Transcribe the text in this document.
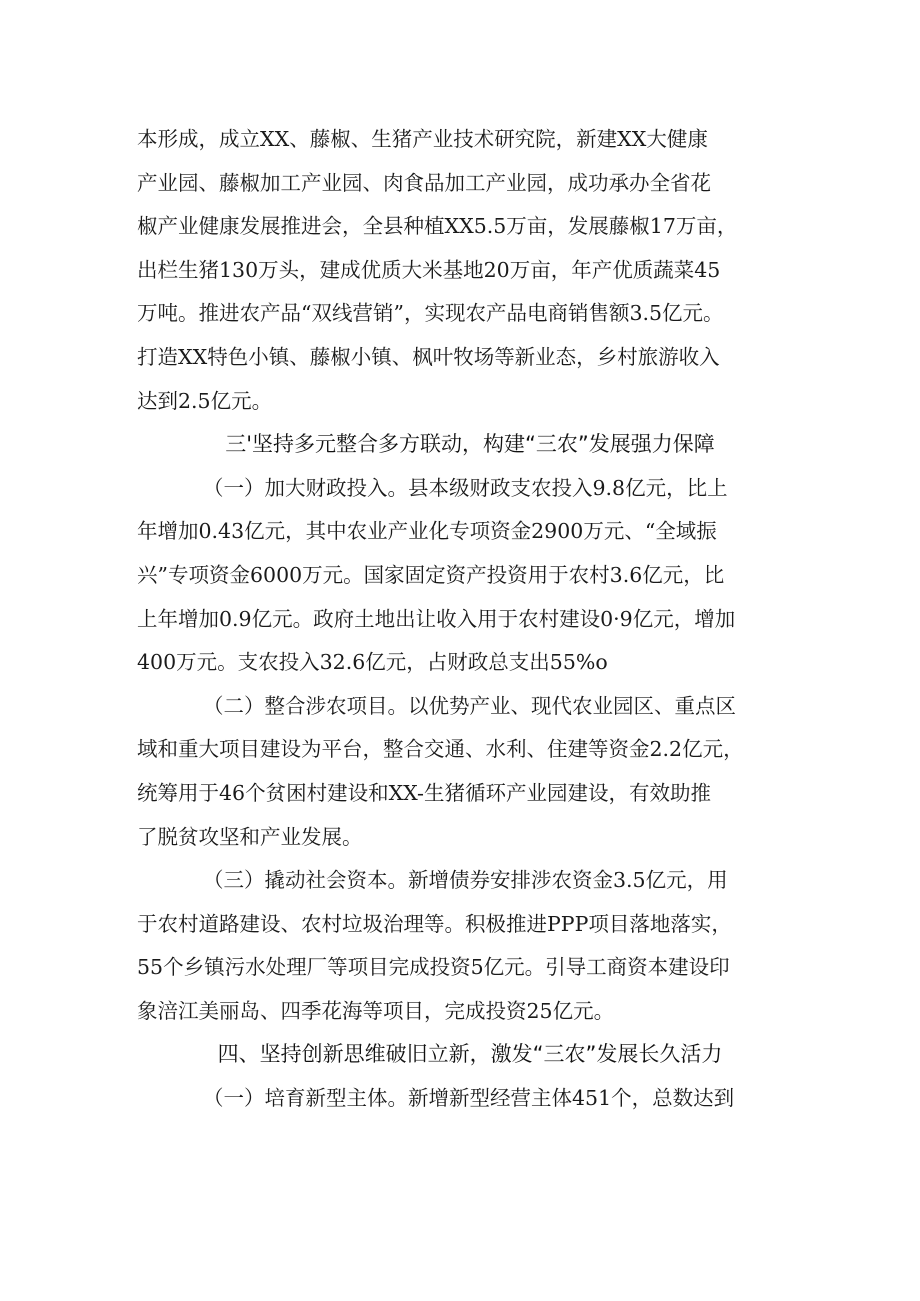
本形成，成立XX、藤椒、生猪产业技术研究院，新建XX大健康
产业园、藤椒加工产业园、肉食品加工产业园，成功承办全省花
椒产业健康发展推进会，全县种植XX5.5万亩，发展藤椒17万亩，
出栏生猪130万头，建成优质大米基地20万亩，年产优质蔬菜45
万吨。推进农产品“双线营销”，实现农产品电商销售额3.5亿元。
打造XX特色小镇、藤椒小镇、枫叶牧场等新业态，乡村旅游收入
达到2.5亿元。
三'坚持多元整合多方联动，构建“三农”发展强力保障
（一）加大财政投入。县本级财政支农投入9.8亿元，比上
年增加0.43亿元，其中农业产业化专项资金2900万元、“全域振
兴”专项资金6000万元。国家固定资产投资用于农村3.6亿元，比
上年增加0.9亿元。政府土地出让收入用于农村建设0·9亿元，增加
400万元。支农投入32.6亿元，占财政总支出55%o
（二）整合涉农项目。以优势产业、现代农业园区、重点区
域和重大项目建设为平台，整合交通、水利、住建等资金2.2亿元，
统筹用于46个贫困村建设和XX-生猪循环产业园建设，有效助推
了脱贫攻坚和产业发展。
（三）撬动社会资本。新增债券安排涉农资金3.5亿元，用
于农村道路建设、农村垃圾治理等。积极推进PPP项目落地落实，
55个乡镇污水处理厂等项目完成投资5亿元。引导工商资本建设印
象涪江美丽岛、四季花海等项目，完成投资25亿元。
四、坚持创新思维破旧立新，激发“三农”发展长久活力
（一）培育新型主体。新增新型经营主体451个，总数达到
